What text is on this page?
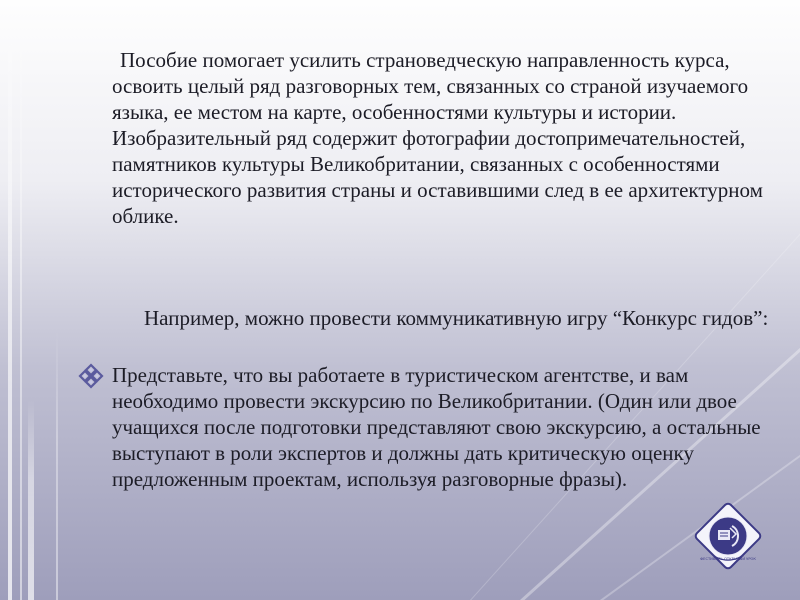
Пособие помогает усилить страноведческую направленность курса, освоить целый ряд разговорных тем, связанных со страной изучаемого языка, ее местом на карте, особенностями культуры и истории. Изобразительный ряд содержит фотографии достопримечательностей, памятников культуры Великобритании, связанных с особенностями исторического развития страны и оставившими след в ее архитектурном облике.
Например, можно провести коммуникативную игру “Конкурс гидов”:
Представьте, что вы работаете в туристическом агентстве, и вам необходимо провести экскурсию по Великобритании. (Один или двое учащихся после подготовки представляют свою экскурсию, а остальные выступают в роли экспертов и должны дать критическую оценку предложенным проектам, используя разговорные фразы).
ФЕСТИВАЛЬ ОТКРЫТЫЙ УРОК
